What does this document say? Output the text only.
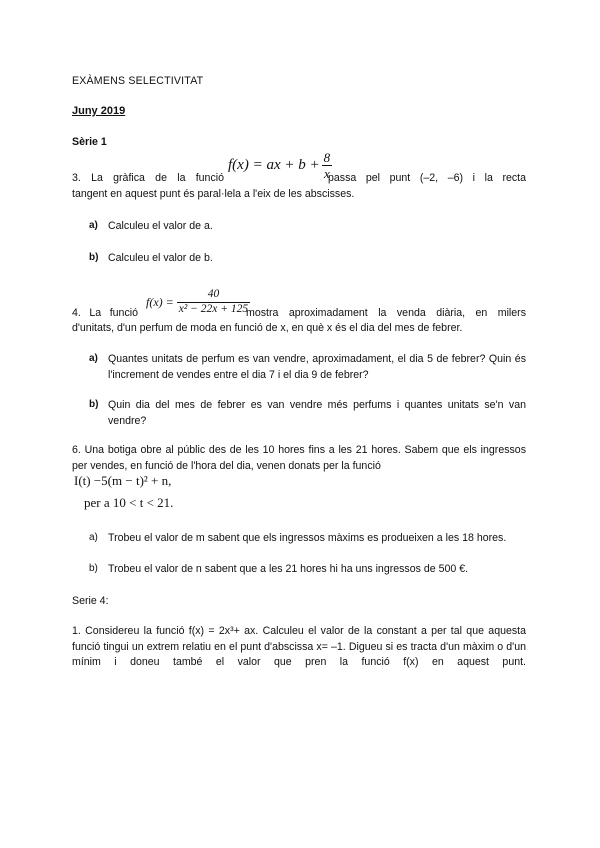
EXÀMENS SELECTIVITAT
Juny 2019
Sèrie 1
3. La gràfica de la funció
f(x) = ax + $b + \frac{8}{x}$
passa pel punt (–2, –6) i la recta
tangent en aquest punt és paral·lela a l'eix de les abscisses.
a) Calculeu el valor de a.
b) Calculeu el valor de b.
4. La funció
$f(x) = \frac{40}{\text{x² − 22x + 125}}$
mostra aproximadament la venda diària, en milers
d'unitats, d'un perfum de moda en funció de x, en què x és el dia del mes de febrer.
a) Quantes unitats de perfum es van vendre, aproximadament, el dia 5 de febrer? Quin és l'increment de vendes entre el dia 7 i el dia 9 de febrer?
b) Quin dia del mes de febrer es van vendre més perfums i quantes unitats se'n van vendre?
6. Una botiga obre al públic des de les 10 hores fins a les 21 hores. Sabem que els ingressos per vendes, en funció de l'hora del dia, venen donats per la funció
I(t) −5(m − t)² + n,
per a 10 < t < 21.
a) Trobeu el valor de m sabent que els ingressos màxims es produeixen a les 18 hores.
b) Trobeu el valor de n sabent que a les 21 hores hi ha uns ingressos de 500 €.
Serie 4:
1. Considereu la funció f(x) = 2x³+ ax. Calculeu el valor de la constant a per tal que aquesta funció tingui un extrem relatiu en el punt d'abscissa x= –1. Digueu si es tracta d'un màxim o d'un mínim i doneu també el valor que pren la funció f(x) en aquest punt.
